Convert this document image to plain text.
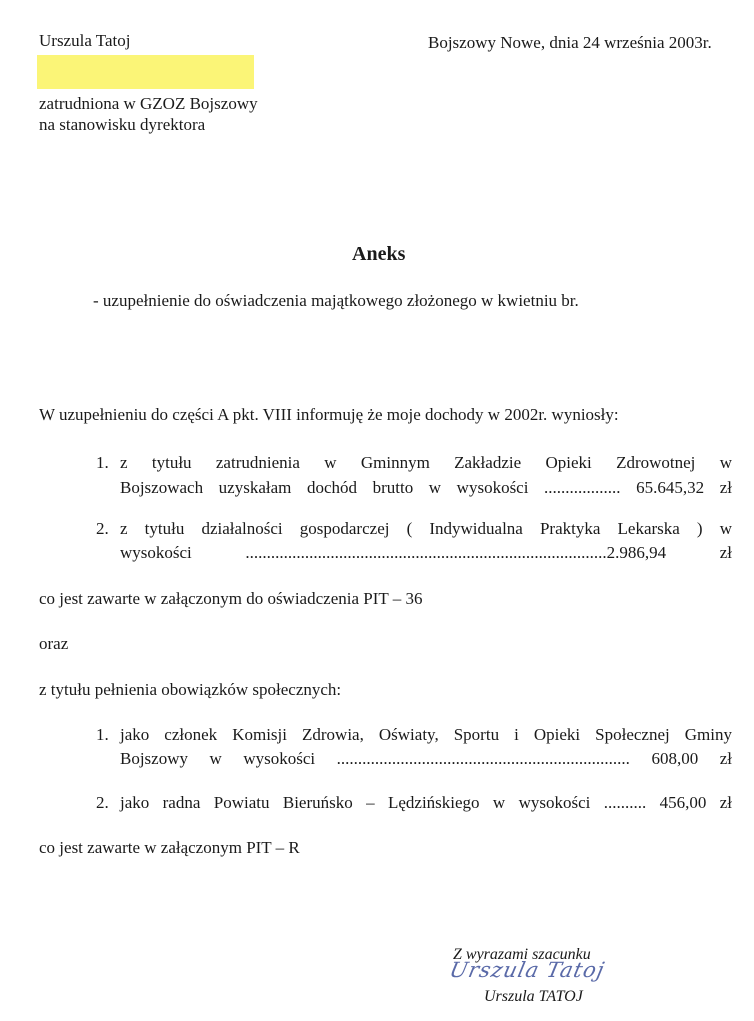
Urszula Tatoj	Bojszowy Nowe, dnia 24 września 2003r.
zatrudniona w GZOZ Bojszowy
na stanowisku dyrektora
Aneks
- uzupełnienie do oświadczenia majątkowego złożonego w kwietniu br.
W uzupełnieniu do części A pkt. VIII informuję że moje dochody w 2002r. wyniosły:
1. z tytułu zatrudnienia w Gminnym Zakładzie Opieki Zdrowotnej w
Bojszowach uzyskałam dochód brutto w wysokości .................. 65.645,32 zł
2. z tytułu działalności gospodarczej ( Indywidualna Praktyka Lekarska ) w
wysokości .....................................................................................2.986,94 zł
co jest zawarte w załączonym do oświadczenia PIT – 36
oraz
z tytułu pełnienia obowiązków społecznych:
1. jako członek Komisji Zdrowia, Oświaty, Sportu i Opieki Społecznej Gminy
Bojszowy w wysokości ..................................................................... 608,00 zł
2. jako radna Powiatu Bieruńsko – Lędzińskiego w wysokości .......... 456,00 zł
co jest zawarte w załączonym PIT – R
Z wyrazami szacunku
Urszula Tatoj
Urszula TATOJ
